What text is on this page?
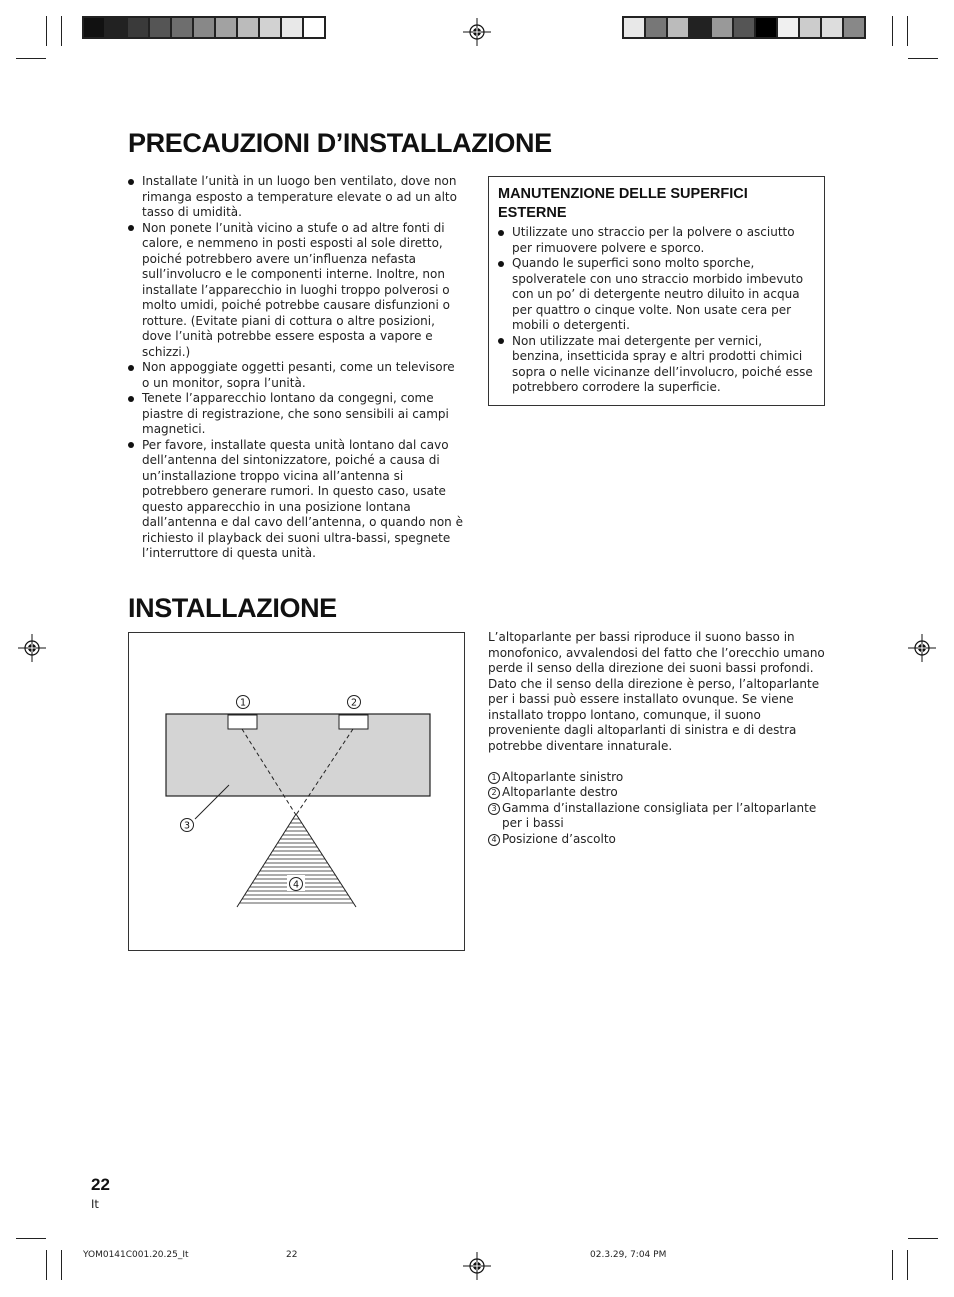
PRECAUZIONI D’INSTALLAZIONE
Installate l’unità in un luogo ben ventilato, dove non rimanga esposto a temperature elevate o ad un alto tasso di umidità.
Non ponete l’unità vicino a stufe o ad altre fonti di calore, e nemmeno in posti esposti al sole diretto, poiché potrebbero avere un’influenza nefasta sull’involucro e le componenti interne. Inoltre, non installate l’apparecchio in luoghi troppo polverosi o molto umidi, poiché potrebbe causare disfunzioni o rotture. (Evitate piani di cottura o altre posizioni, dove l’unità potrebbe essere esposta a vapore e schizzi.)
Non appoggiate oggetti pesanti, come un televisore o un monitor, sopra l’unità.
Tenete l’apparecchio lontano da congegni, come piastre di registrazione, che sono sensibili ai campi magnetici.
Per favore, installate questa unità lontano dal cavo dell’antenna del sintonizzatore, poiché a causa di un’installazione troppo vicina all’antenna si potrebbero generare rumori. In questo caso, usate questo apparecchio in una posizione lontana dall’antenna e dal cavo dell’antenna, o quando non è richiesto il playback dei suoni ultra-bassi, spegnete l’interruttore di questa unità.
MANUTENZIONE DELLE SUPERFICI ESTERNE
Utilizzate uno straccio per la polvere o asciutto per rimuovere polvere e sporco.
Quando le superfici sono molto sporche, spolveratele con uno straccio morbido imbevuto con un po’ di detergente neutro diluito in acqua per quattro o cinque volte. Non usate cera per mobili o detergenti.
Non utilizzate mai detergente per vernici, benzina, insetticida spray e altri prodotti chimici sopra o nelle vicinanze dell’involucro, poiché esse potrebbero corrodere la superficie.
INSTALLAZIONE
1	2
3
4
L’altoparlante per bassi riproduce il suono basso in monofonico, avvalendosi del fatto che l’orecchio umano perde il senso della direzione dei suoni bassi profondi. Dato che il senso della direzione è perso, l’altoparlante per i bassi può essere installato ovunque. Se viene installato troppo lontano, comunque, il suono proveniente dagli altoparlanti di sinistra e di destra potrebbe diventare innaturale.
1 Altoparlante sinistro
2 Altoparlante destro
3 Gamma d’installazione consigliata per l’altoparlante per i bassi
4 Posizione d’ascolto
22
It
YOM0141C001.20.25_It	22	02.3.29, 7:04 PM
